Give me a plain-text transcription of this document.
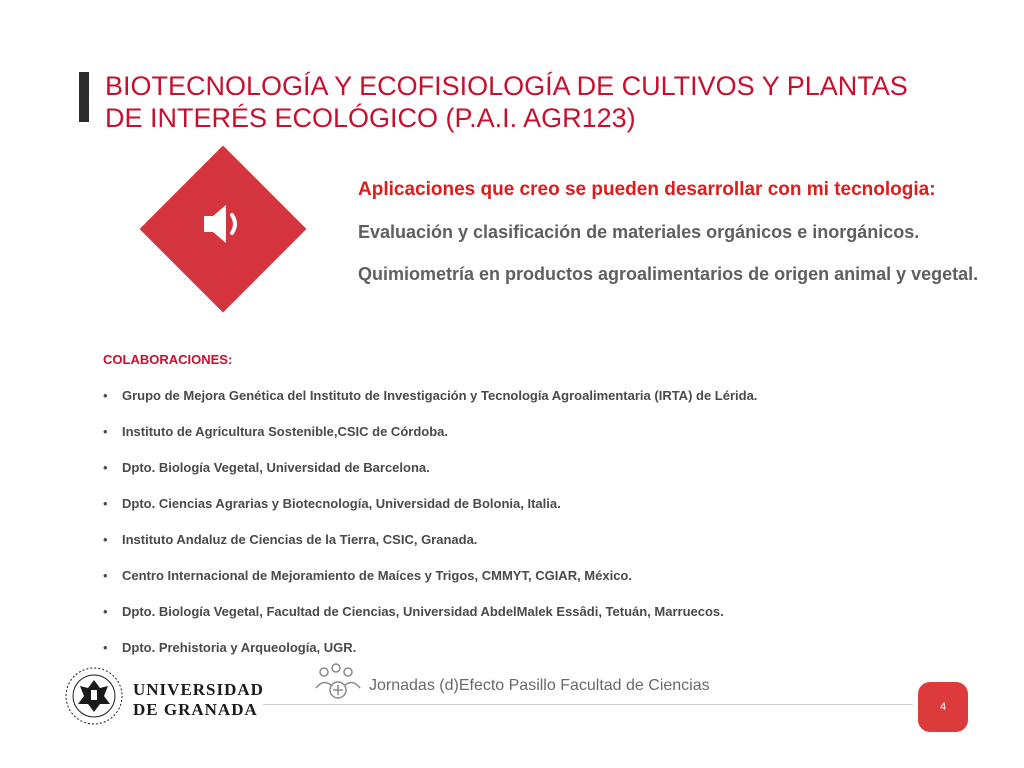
BIOTECNOLOGÍA Y ECOFISIOLOGÍA DE CULTIVOS Y PLANTAS
DE INTERÉS ECOLÓGICO (P.A.I. AGR123)

Aplicaciones que creo se pueden desarrollar con mi tecnologia:

Evaluación y clasificación de materiales orgánicos e inorgánicos.

Quimiometría en productos agroalimentarios de origen animal y vegetal.

COLABORACIONES:

• Grupo de Mejora Genética del Instituto de Investigación y Tecnología Agroalimentaria (IRTA) de Lérida.
• Instituto de Agricultura Sostenible,CSIC de Córdoba.
• Dpto. Biología Vegetal, Universidad de Barcelona.
• Dpto. Ciencias Agrarias y Biotecnología, Universidad de Bolonia, Italia.
• Instituto Andaluz de Ciencias de la Tierra, CSIC, Granada.
• Centro Internacional de Mejoramiento de Maíces y Trigos, CMMYT, CGIAR, México.
• Dpto. Biología Vegetal, Facultad de Ciencias, Universidad AbdelMalek Essâdi, Tetuán, Marruecos.
• Dpto. Prehistoria y Arqueología, UGR.
UNIVERSIDAD
DE GRANADA
Jornadas (d)Efecto Pasillo Facultad de Ciencias
4
